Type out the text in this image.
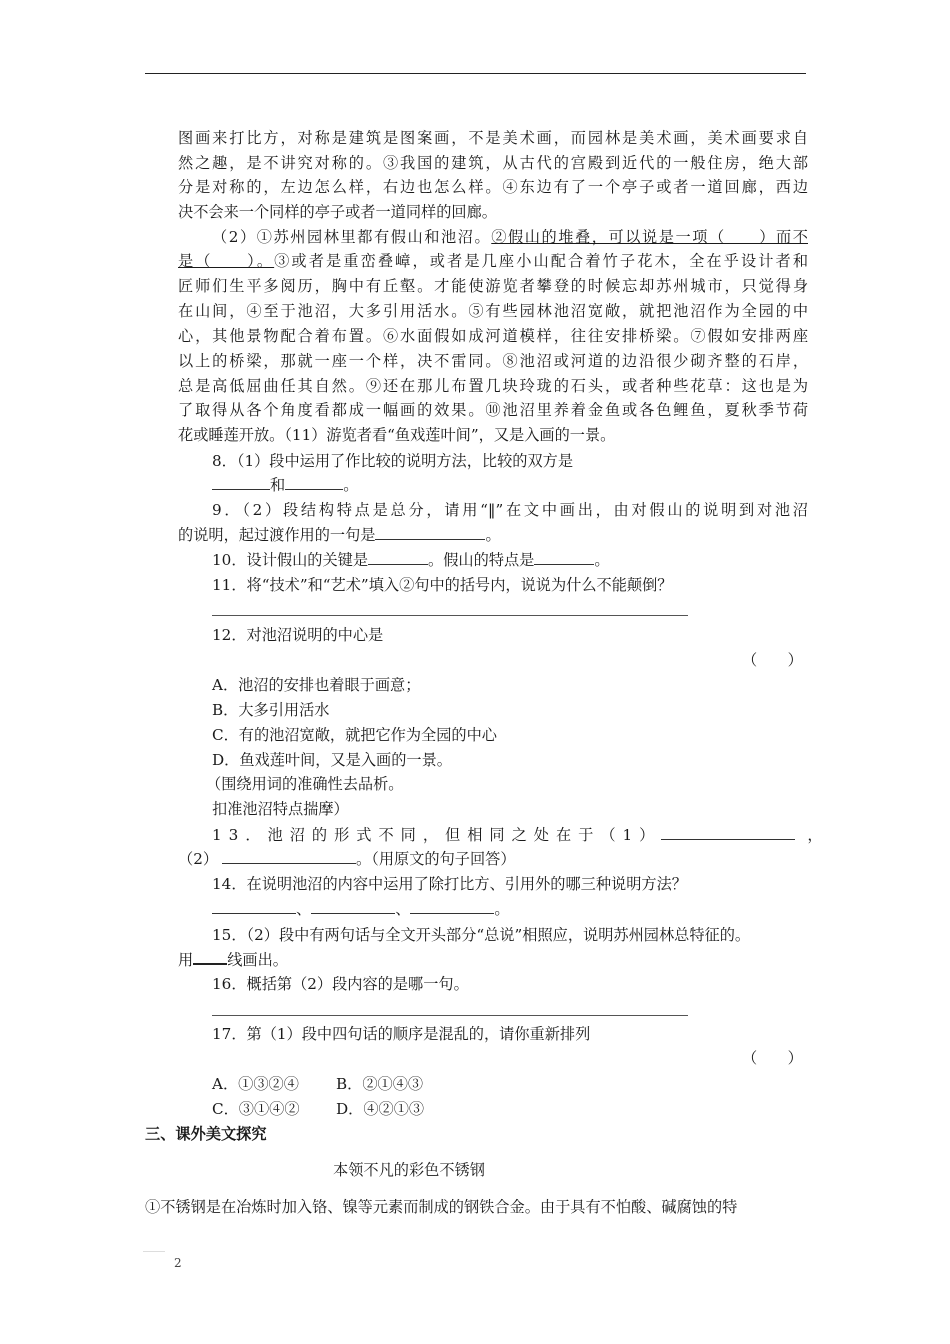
图画来打比方，对称是建筑是图案画，不是美术画，而园林是美术画，美术画要求自
然之趣，是不讲究对称的。③我国的建筑，从古代的宫殿到近代的一般住房，绝大部
分是对称的，左边怎么样，右边也怎么样。④东边有了一个亭子或者一道回廊，西边
决不会来一个同样的亭子或者一道同样的回廊。
（2）①苏州园林里都有假山和池沼。②假山的堆叠，可以说是一项（　　）而不
是（　　）。③或者是重峦叠嶂，或者是几座小山配合着竹子花木，全在乎设计者和
匠师们生平多阅历，胸中有丘壑。才能使游览者攀登的时候忘却苏州城市，只觉得身
在山间，④至于池沼，大多引用活水。⑤有些园林池沼宽敞，就把池沼作为全园的中
心，其他景物配合着布置。⑥水面假如成河道模样，往往安排桥梁。⑦假如安排两座
以上的桥梁，那就一座一个样，决不雷同。⑧池沼或河道的边沿很少砌齐整的石岸，
总是高低屈曲任其自然。⑨还在那儿布置几块玲珑的石头，或者种些花草：这也是为
了取得从各个角度看都成一幅画的效果。⑩池沼里养着金鱼或各色鲤鱼，夏秋季节荷
花或睡莲开放。（11）游览者看“鱼戏莲叶间”，又是入画的一景。
8．（1）段中运用了作比较的说明方法，比较的双方是
和	。
9．（2）段结构特点是总分，请用“‖”在文中画出，由对假山的说明到对池沼
的说明，起过渡作用的一句是	。
10．设计假山的关键是	。假山的特点是	。
11．将“技术”和“艺术”填入②句中的括号内，说说为什么不能颠倒？
12．对池沼说明的中心是
（　　）
A．池沼的安排也着眼于画意；
B．大多引用活水
C．有的池沼宽敞，就把它作为全园的中心
D．鱼戏莲叶间，又是入画的一景。
（围绕用词的准确性去品析。
扣准池沼特点揣摩）
13．池沼的形式不同，但相同之处在于（1）	，
（2）	。（用原文的句子回答）
14．在说明池沼的内容中运用了除打比方、引用外的哪三种说明方法？
、	、	。
15．（2）段中有两句话与全文开头部分“总说”相照应，说明苏州园林总特征的。
用 线画出。
16．概括第（2）段内容的是哪一句。
17．第（1）段中四句话的顺序是混乱的，请你重新排列
（　　）
A．①③②④ B．②①④③
C．③①④② D．④②①③
三、课外美文探究
本领不凡的彩色不锈钢
①不锈钢是在冶炼时加入铬、镍等元素而制成的钢铁合金。由于具有不怕酸、碱腐蚀的特
2
